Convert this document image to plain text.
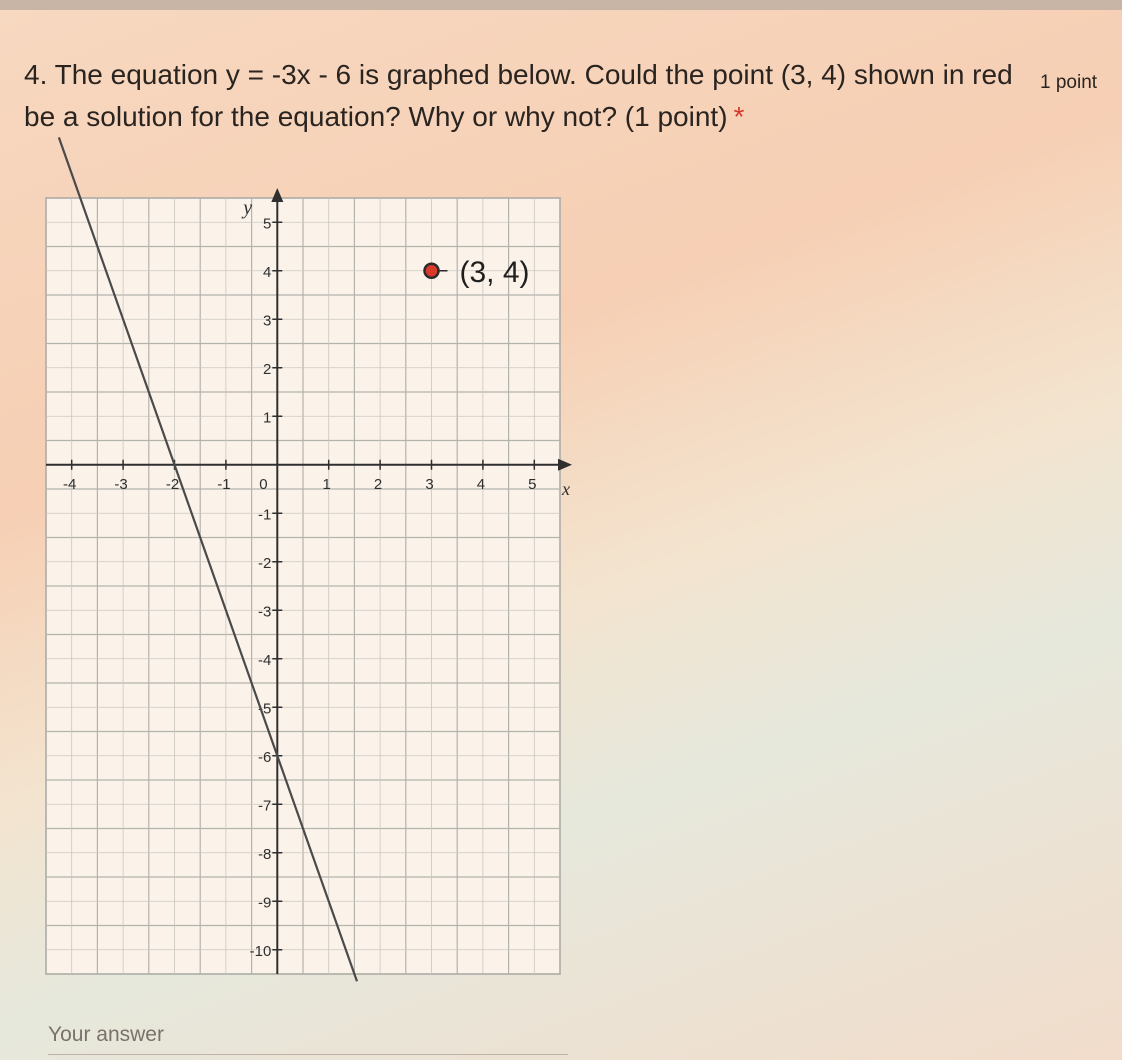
4. The equation y = -3x - 6 is graphed below. Could the point (3, 4) shown in red be a solution for the equation? Why or why not? (1 point) *
1 point
x
y
-4	-3	-2	-1	1	2	3	4	5
5
4
3
2
1
-1
-2
-3
-4
-5
-6
-7
-8
-9
-10
0
(3, 4)
Your answer
